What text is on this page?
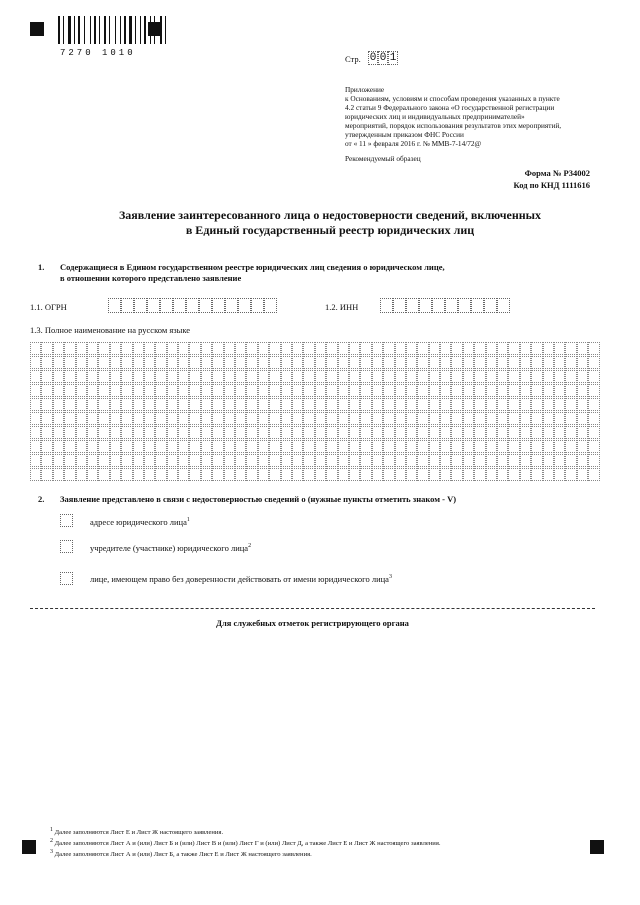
7270 1010
Стр. 0 0 1
Приложение
к Основаниям, условиям и способам проведения указанных в пункте
4.2 статьи 9 Федерального закона «О государственной регистрации
юридических лиц и индивидуальных предпринимателей»
мероприятий, порядок использования результатов этих мероприятий,
утвержденным приказом ФНС России
от « 11 » февраля 2016 г. № ММВ-7-14/72@
Рекомендуемый образец
Форма № Р34002
Код по КНД 1111616
Заявление заинтересованного лица о недостоверности сведений, включенных
в Единый государственный реестр юридических лиц
1. Содержащиеся в Едином государственном реестре юридических лиц сведения о юридическом лице,
в отношении которого представлено заявление
1.1. ОГРН	1.2. ИНН
1.3. Полное наименование на русском языке
2. Заявление представлено в связи с недостоверностью сведений о (нужные пункты отметить знаком - V)
адресе юридического лица$^1$
учредителе (участнике) юридического лица$^2$
лице, имеющем право без доверенности действовать от имени юридического лица$^3$
Для служебных отметок регистрирующего органа
$^1$ Далее заполняются Лист Е и Лист Ж настоящего заявления.
$^2$ Далее заполняются Лист А и (или) Лист Б и (или) Лист В и (или) Лист Г и (или) Лист Д, а также Лист Е и Лист Ж настоящего заявления.
$^3$ Далее заполняются Лист А и (или) Лист Б, а также Лист Е и Лист Ж настоящего заявления.
